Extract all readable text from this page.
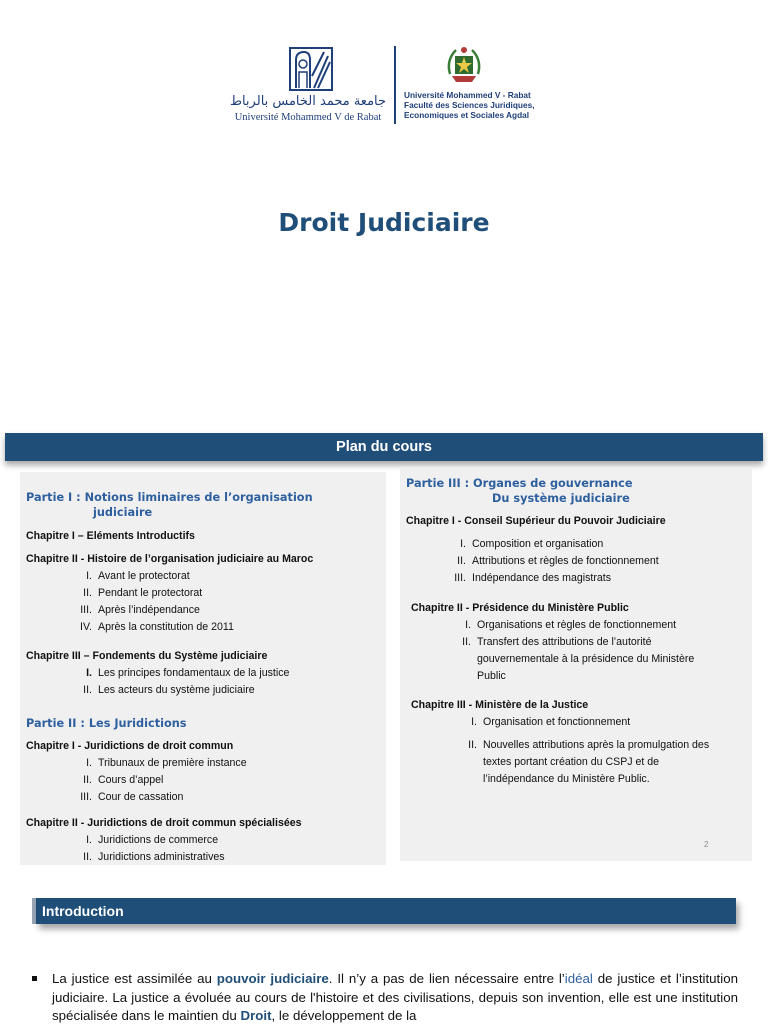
جامعة محمد الخامس بالرباط
Université Mohammed V de Rabat
Université Mohammed V - Rabat
Faculté des Sciences Juridiques,
Economiques et Sociales Agdal
Droit Judiciaire
Plan du cours
Partie I : Notions liminaires de l’organisation
judiciaire
Chapitre I – Eléments Introductifs
Chapitre II - Histoire de l’organisation judiciaire au Maroc
I. Avant le protectorat
II. Pendant le protectorat
III. Après l’indépendance
IV. Après la constitution de 2011
Chapitre III – Fondements du Système judiciaire
I. Les principes fondamentaux de la justice
II. Les acteurs du système judiciaire
Partie II : Les Juridictions
Chapitre I - Juridictions de droit commun
I. Tribunaux de première instance
II. Cours d’appel
III. Cour de cassation
Chapitre II - Juridictions de droit commun spécialisées
I. Juridictions de commerce
II. Juridictions administratives
Partie III : Organes de gouvernance
Du système judiciaire
Chapitre I - Conseil Supérieur du Pouvoir Judiciaire
I. Composition et organisation
II. Attributions et règles de fonctionnement
III. Indépendance des magistrats
Chapitre II - Présidence du Ministère Public
I. Organisations et règles de fonctionnement
II. Transfert des attributions de l’autorité
gouvernementale à la présidence du Ministère
Public
Chapitre III - Ministère de la Justice
I. Organisation et fonctionnement
II. Nouvelles attributions après la promulgation des
textes portant création du CSPJ et de
l’indépendance du Ministère Public.
2
Introduction
La justice est assimilée au pouvoir judiciaire. Il n’y a pas de lien nécessaire entre l’idéal de justice et l’institution judiciaire. La justice a évoluée au cours de l'histoire et des civilisations, depuis son invention, elle est une institution spécialisée dans le maintien du Droit, le développement de la
